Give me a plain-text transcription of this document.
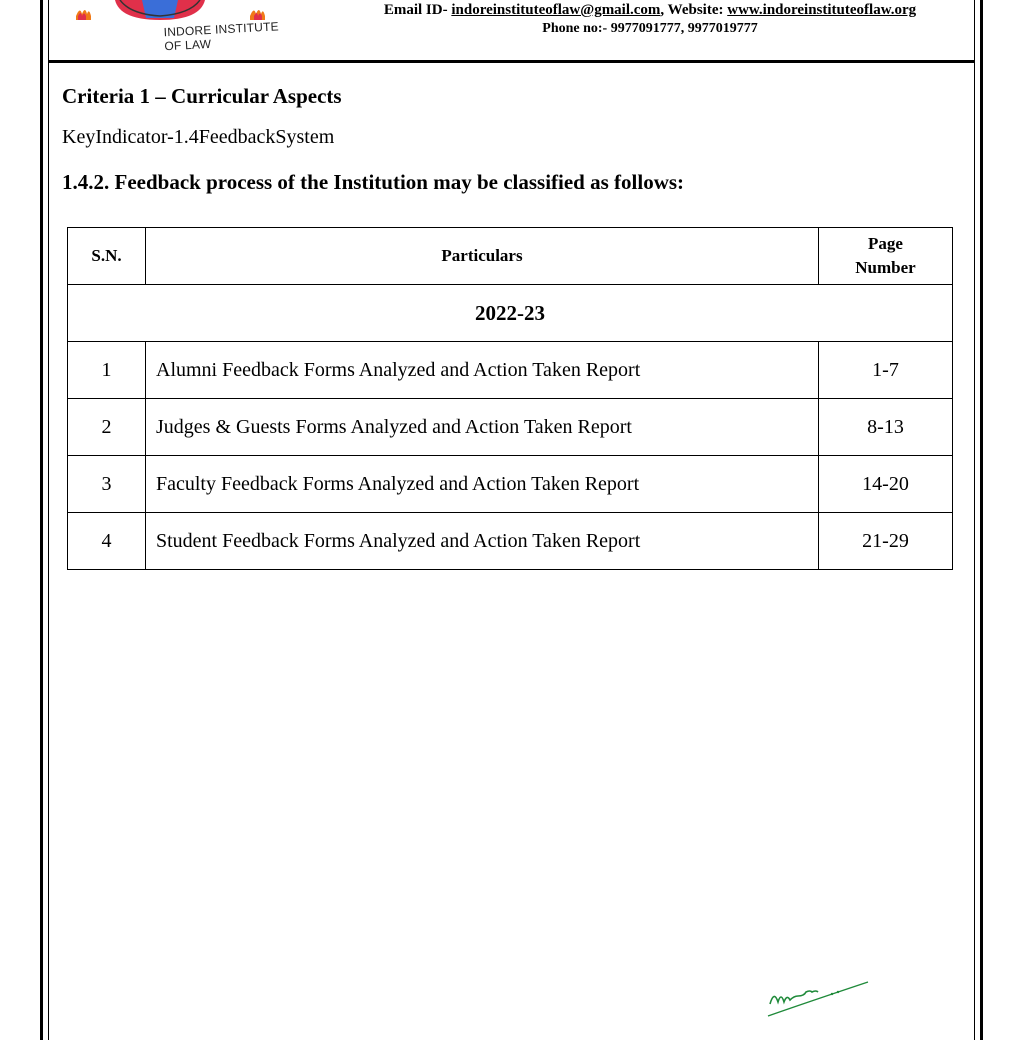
INDORE INSTITUTE OF LAW
Email ID- indoreinstituteoflaw@gmail.com, Website: www.indoreinstituteoflaw.org
Phone no:- 9977091777, 9977019777
Criteria 1 – Curricular Aspects
KeyIndicator-1.4FeedbackSystem
1.4.2. Feedback process of the Institution may be classified as follows:
S.N.	Particulars	Page
Number
2022-23		
1	Alumni Feedback Forms Analyzed and Action Taken Report	1-7
2	Judges & Guests Forms Analyzed and Action Taken Report	8-13
3	Faculty Feedback Forms Analyzed and Action Taken Report	14-20
4	Student Feedback Forms Analyzed and Action Taken Report	21-29
